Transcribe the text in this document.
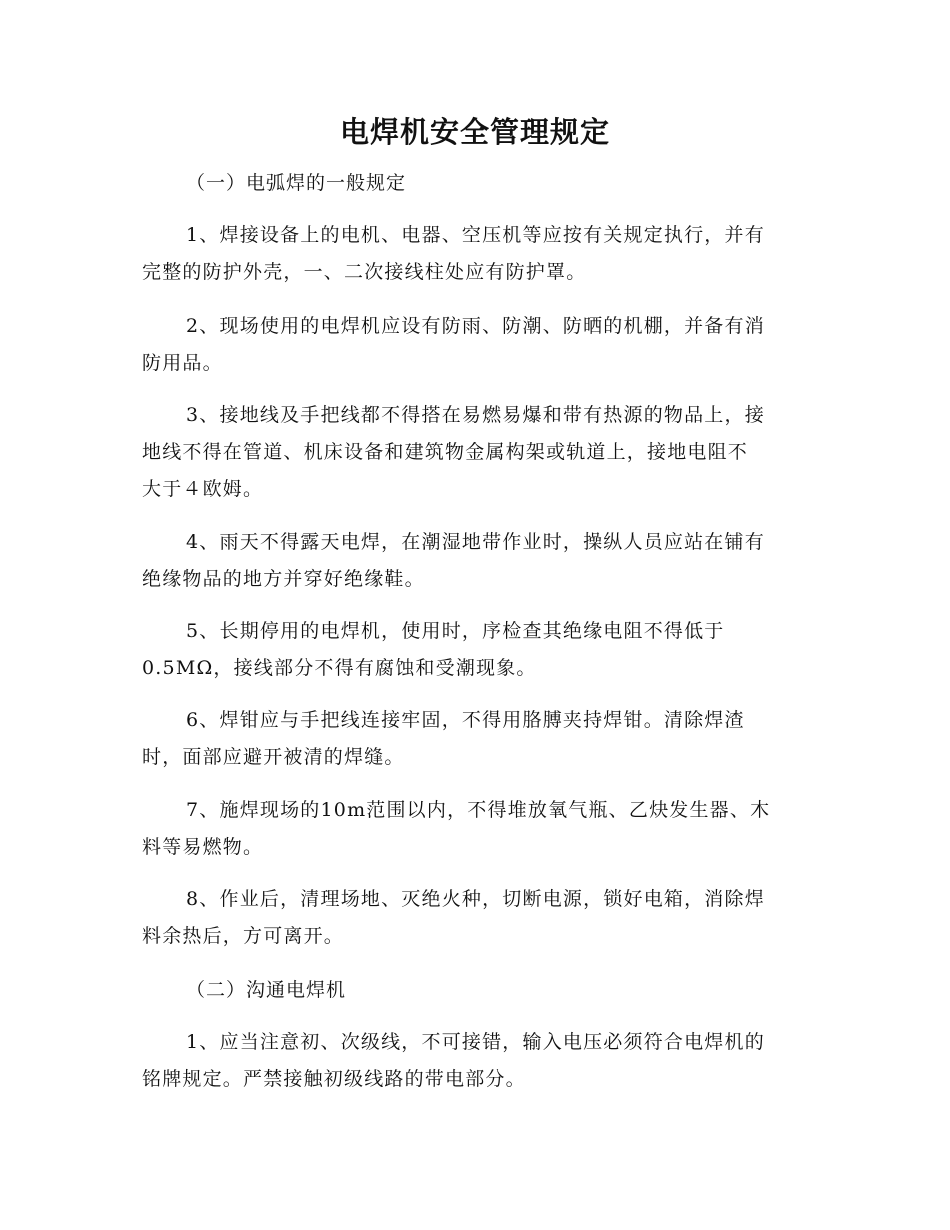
电焊机安全管理规定
（一）电弧焊的一般规定
1、焊接设备上的电机、电器、空压机等应按有关规定执行，并有
完整的防护外壳，一、二次接线柱处应有防护罩。
2、现场使用的电焊机应设有防雨、防潮、防晒的机棚，并备有消
防用品。
3、接地线及手把线都不得搭在易燃易爆和带有热源的物品上，接
地线不得在管道、机床设备和建筑物金属构架或轨道上，接地电阻不
大于４欧姆。
4、雨天不得露天电焊，在潮湿地带作业时，操纵人员应站在铺有
绝缘物品的地方并穿好绝缘鞋。
5、长期停用的电焊机，使用时，序检查其绝缘电阻不得低于
0.5MΩ，接线部分不得有腐蚀和受潮现象。
6、焊钳应与手把线连接牢固，不得用胳膊夹持焊钳。清除焊渣
时，面部应避开被清的焊缝。
7、施焊现场的10m范围以内，不得堆放氧气瓶、乙炔发生器、木
料等易燃物。
8、作业后，清理场地、灭绝火种，切断电源，锁好电箱，消除焊
料余热后，方可离开。
（二）沟通电焊机
1、应当注意初、次级线，不可接错，输入电压必须符合电焊机的
铭牌规定。严禁接触初级线路的带电部分。
